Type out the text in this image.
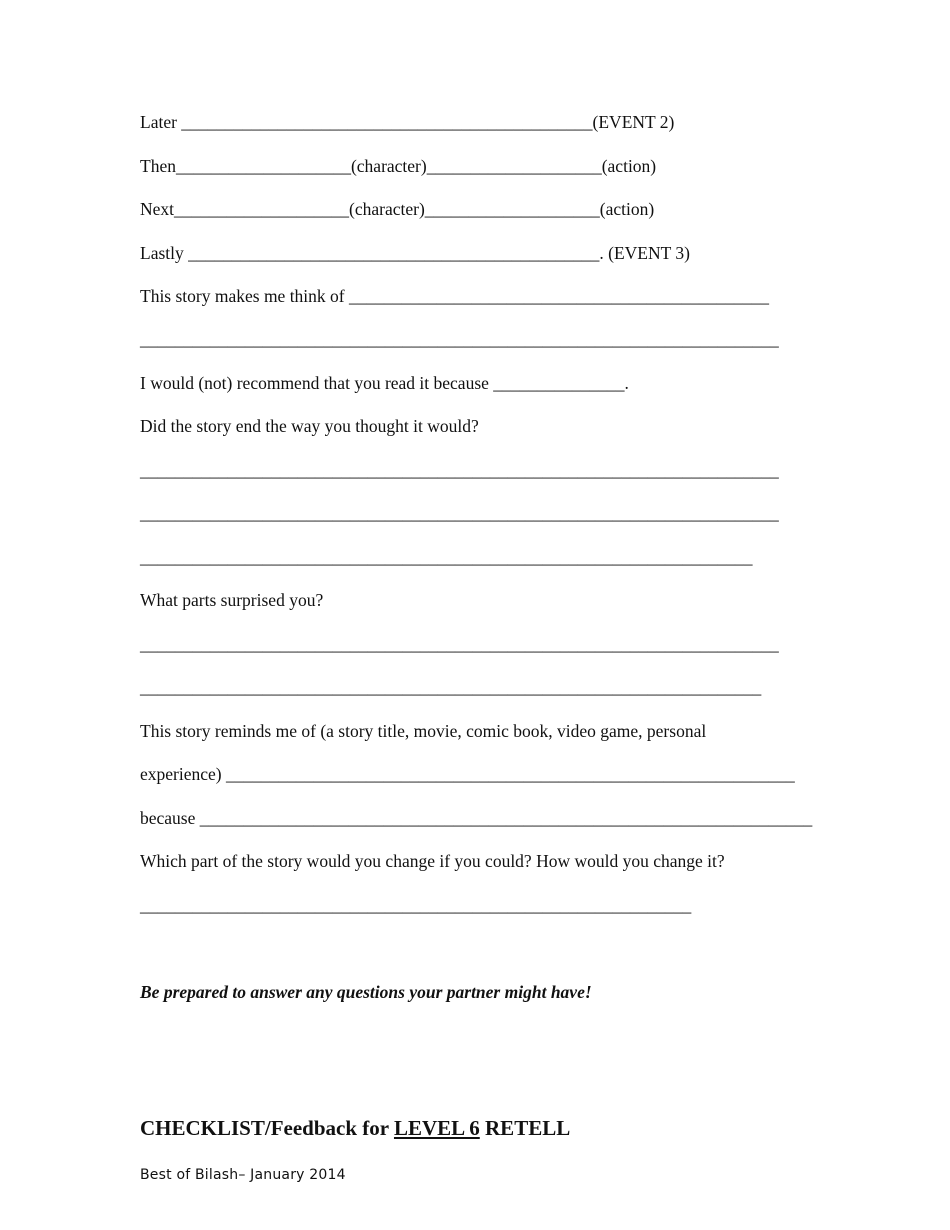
Later _______________________________________________(EVENT 2)
Then____________________(character)____________________(action)
Next____________________(character)____________________(action)
Lastly _______________________________________________. (EVENT 3)
This story makes me think of ________________________________________________
_________________________________________________________________________
I would (not) recommend that you read it because _______________.
Did the story end the way you thought it would?
_________________________________________________________________________
_________________________________________________________________________
______________________________________________________________________
What parts surprised you?
_________________________________________________________________________
_______________________________________________________________________
This story reminds me of (a story title, movie, comic book, video game, personal
experience) _________________________________________________________________
because ______________________________________________________________________
Which part of the story would you change if you could? How would you change it?
_______________________________________________________________
Be prepared to answer any questions your partner might have!
CHECKLIST/Feedback for LEVEL 6 RETELL
Best of Bilash– January 2014
